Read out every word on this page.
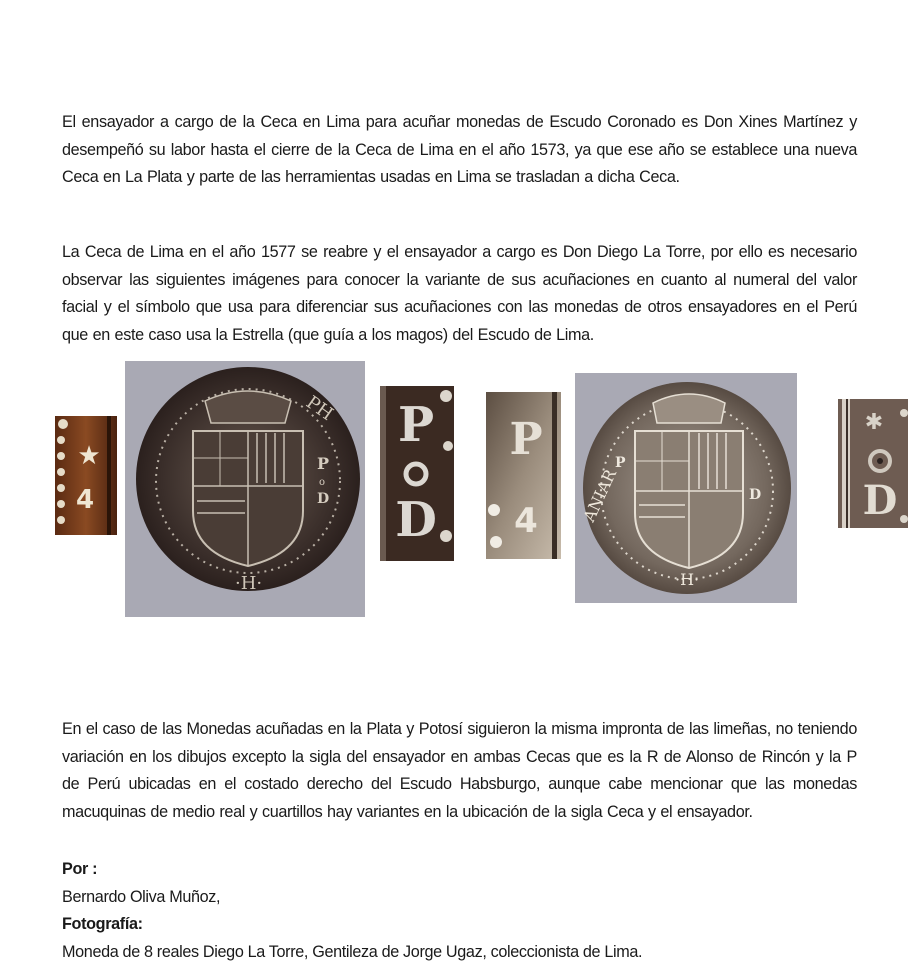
El ensayador a cargo de la Ceca en Lima para acuñar monedas de Escudo Coronado es Don Xines Martínez y desempeñó su labor hasta el cierre de la Ceca de Lima en el año 1573, ya que ese año se establece una nueva Ceca en La Plata y parte de las herramientas usadas en Lima se trasladan a dicha Ceca.

La Ceca de Lima en el año 1577 se reabre y el ensayador a cargo es Don Diego La Torre, por ello es necesario observar las siguientes imágenes para conocer la variante de sus acuñaciones en cuanto al numeral del valor facial y el símbolo que usa para diferenciar sus acuñaciones con las monedas de otros ensayadores en el Perú que en este caso usa la Estrella (que guía a los magos) del Escudo de Lima.

★
4
P
o
D
PH
·H·
P
D
P
4
P
D
·H·
ANIAR
✱
D

En el caso de las Monedas acuñadas en la Plata y Potosí siguieron la misma impronta de las limeñas, no teniendo variación en los dibujos excepto la sigla del ensayador en ambas Cecas que es la R de Alonso de Rincón y la P de Perú ubicadas en el costado derecho del Escudo Habsburgo, aunque cabe mencionar que las monedas macuquinas de medio real y cuartillos hay variantes en la ubicación de la sigla Ceca y el ensayador.

Por :
Bernardo Oliva Muñoz,
Fotografía:
Moneda de 8 reales Diego La Torre, Gentileza de Jorge Ugaz, coleccionista de Lima.
